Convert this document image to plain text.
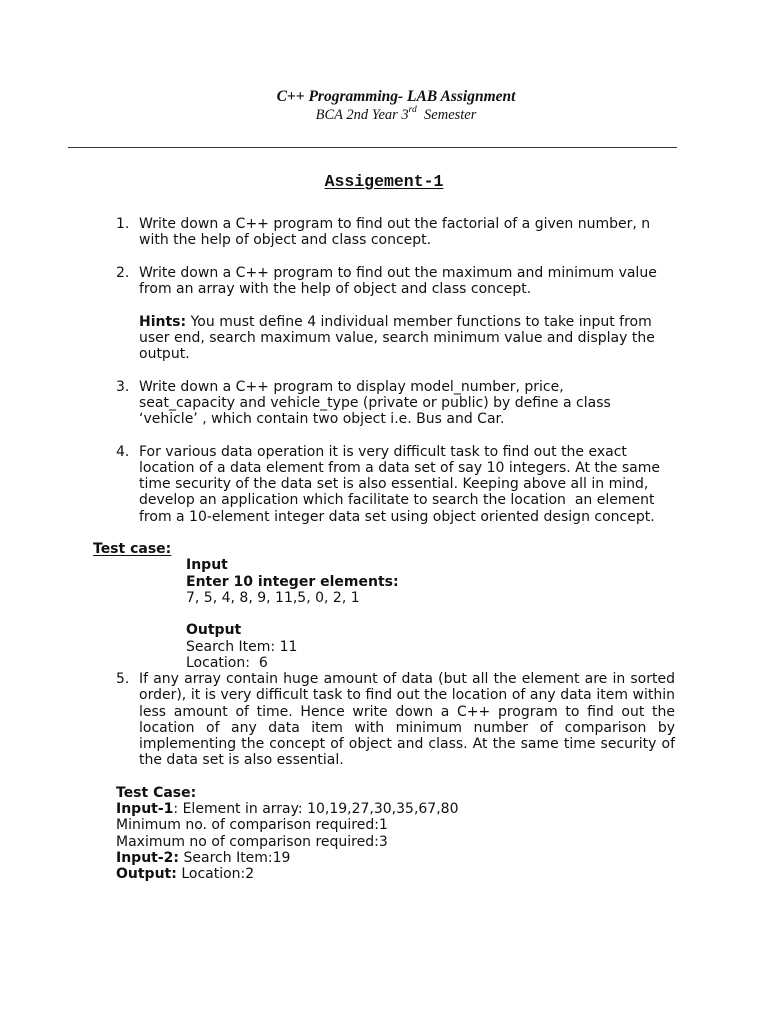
C++ Programming- LAB Assignment
BCA 2nd Year 3rd  Semester
Assigement-1
1. Write down a C++ program to find out the factorial of a given number, n
with the help of object and class concept.
2. Write down a C++ program to find out the maximum and minimum value
from an array with the help of object and class concept.
Hints: You must define 4 individual member functions to take input from
user end, search maximum value, search minimum value and display the
output.
3. Write down a C++ program to display model_number, price,
seat_capacity and vehicle_type (private or public) by define a class
‘vehicle’ , which contain two object i.e. Bus and Car.
4. For various data operation it is very difficult task to find out the exact
location of a data element from a data set of say 10 integers. At the same
time security of the data set is also essential. Keeping above all in mind,
develop an application which facilitate to search the location  an element
from a 10-element integer data set using object oriented design concept.
Test case:
Input
Enter 10 integer elements:
7, 5, 4, 8, 9, 11,5, 0, 2, 1
Output
Search Item: 11
Location:  6
5. If any array contain huge amount of data (but all the element are in sorted
order), it is very difficult task to find out the location of any data item within
less amount of time. Hence write down a C++ program to find out the
location of any data item with minimum number of comparison by
implementing the concept of object and class. At the same time security of
the data set is also essential.
Test Case:
Input-1: Element in array: 10,19,27,30,35,67,80
Minimum no. of comparison required:1
Maximum no of comparison required:3
Input-2: Search Item:19
Output: Location:2
